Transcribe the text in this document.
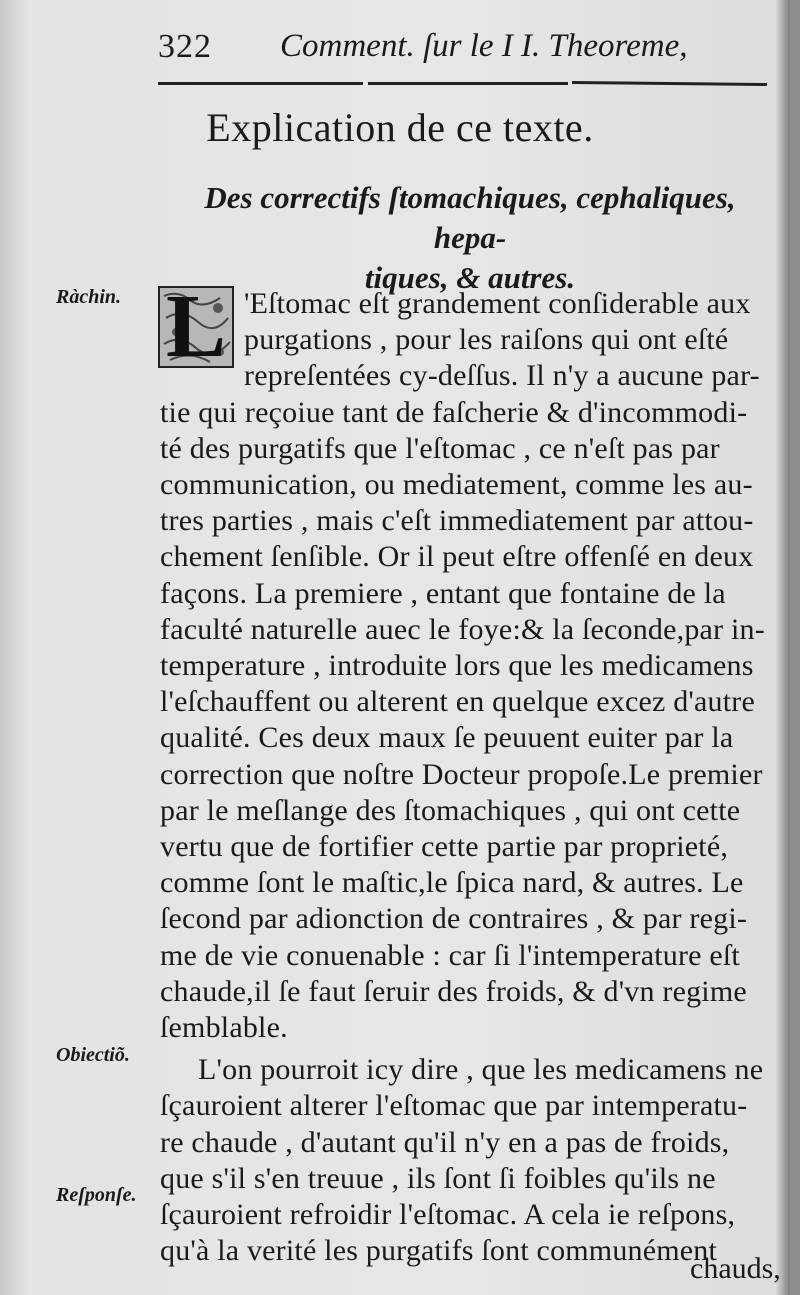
322 Comment. ſur le I I. Theoreme,
Explication de ce texte.
Des correctifs ſtomachiques, cephaliques, hepa-
tiques, & autres.
Ràchin.
Obiectiõ.
Reſponſe.
L 'Eſtomac eſt grandement conſiderable aux
purgations , pour les raiſons qui ont eſté
repreſentées cy-deſſus. Il n'y a aucune par-
tie qui reçoiue tant de faſcherie & d'incommodi-
té des purgatifs que l'eſtomac , ce n'eſt pas par
communication, ou mediatement, comme les au-
tres parties , mais c'eſt immediatement par attou-
chement ſenſible. Or il peut eſtre offenſé en deux
façons. La premiere , entant que fontaine de la
faculté naturelle auec le foye:& la ſeconde,par in-
temperature , introduite lors que les medicamens
l'eſchauffent ou alterent en quelque excez d'autre
qualité. Ces deux maux ſe peuuent euiter par la
correction que noſtre Docteur propoſe.Le premier
par le meſlange des ſtomachiques , qui ont cette
vertu que de fortifier cette partie par proprieté,
comme ſont le maſtic,le ſpica nard, & autres. Le
ſecond par adionction de contraires , & par regi-
me de vie conuenable : car ſi l'intemperature eſt
chaude,il ſe faut ſeruir des froids, & d'vn regime
ſemblable.
L'on pourroit icy dire , que les medicamens ne
ſçauroient alterer l'eſtomac que par intemperatu-
re chaude , d'autant qu'il n'y en a pas de froids,
que s'il s'en treuue , ils ſont ſi foibles qu'ils ne
ſçauroient refroidir l'eſtomac. A cela ie reſpons,
qu'à la verité les purgatifs ſont communément
chauds,
